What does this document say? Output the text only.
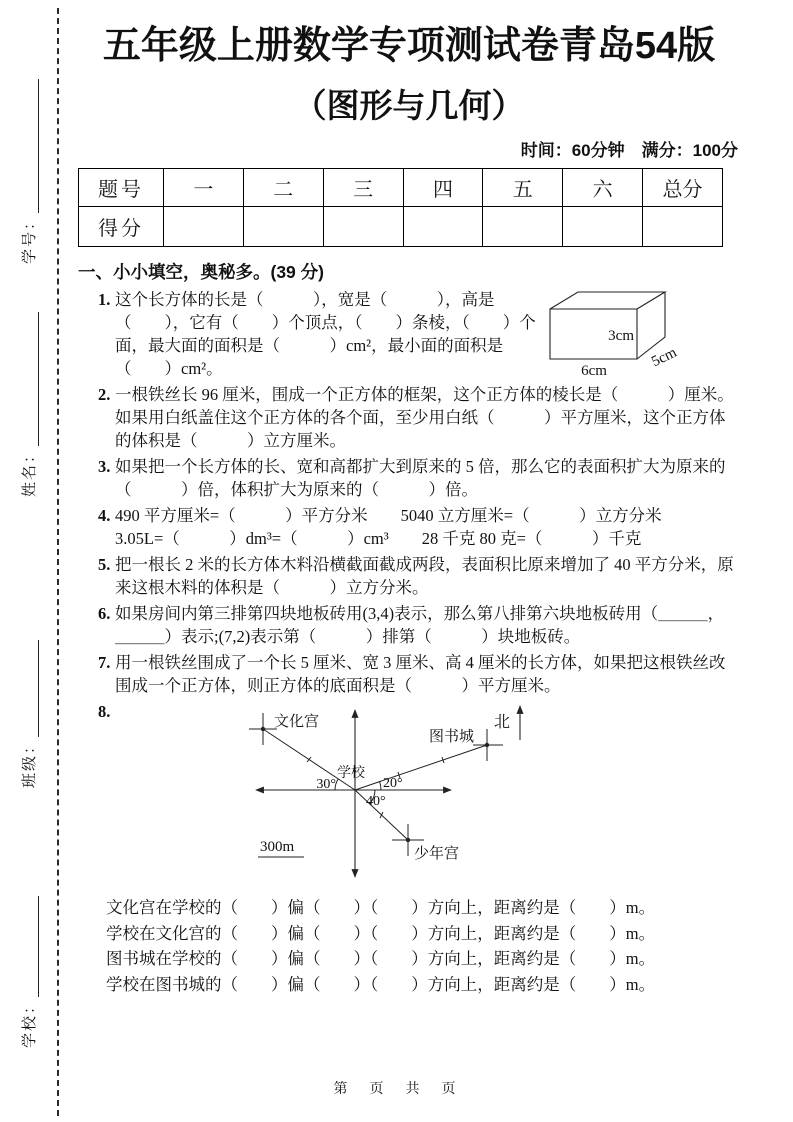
学号：
姓名：
班级：
学校：
五年级上册数学专项测试卷青岛54版
（图形与几何）
时间：60分钟　满分：100分
题号	一	二	三	四	五	六	总分
得分							
一、小小填空，奥秘多。(39 分)
1.
3cm
6cm
5cm
这个长方体的长是（　　　），宽是（　　　），高是（　　），它有（　　）个顶点，（　　）条棱，（　　）个面，最大面的面积是（　　　）cm²，最小面的面积是（　　）cm²。
2. 一根铁丝长 96 厘米，围成一个正方体的框架，这个正方体的棱长是（　　　）厘米。如果用白纸盖住这个正方体的各个面，至少用白纸（　　　）平方厘米，这个正方体的体积是（　　　）立方厘米。
3. 如果把一个长方体的长、宽和高都扩大到原来的 5 倍，那么它的表面积扩大为原来的（　　　）倍，体积扩大为原来的（　　　）倍。
4. 490 平方厘米=（　　　）平方分米　　5040 立方厘米=（　　　）立方分米
3.05L=（　　　）dm³=（　　　）cm³　　28 千克 80 克=（　　　）千克
5. 把一根长 2 米的长方体木料沿横截面截成两段，表面积比原来增加了 40 平方分米，原来这根木料的体积是（　　　）立方分米。
6. 如果房间内第三排第四块地板砖用(3,4)表示，那么第八排第六块地板砖用（＿＿＿，＿＿＿）表示;(7,2)表示第（　　　）排第（　　　）块地板砖。
7. 用一根铁丝围成了一个长 5 厘米、宽 3 厘米、高 4 厘米的长方体，如果把这根铁丝改围成一个正方体，则正方体的底面积是（　　　）平方厘米。
8.
北
300m
文化宫
图书城
少年宫
学校
30°	20°
40°
文化宫在学校的（　　）偏（　　）（　　）方向上，距离约是（　　）m。
学校在文化宫的（　　）偏（　　）（　　）方向上，距离约是（　　）m。
图书城在学校的（　　）偏（　　）（　　）方向上，距离约是（　　）m。
学校在图书城的（　　）偏（　　）（　　）方向上，距离约是（　　）m。
第　页　共　页
